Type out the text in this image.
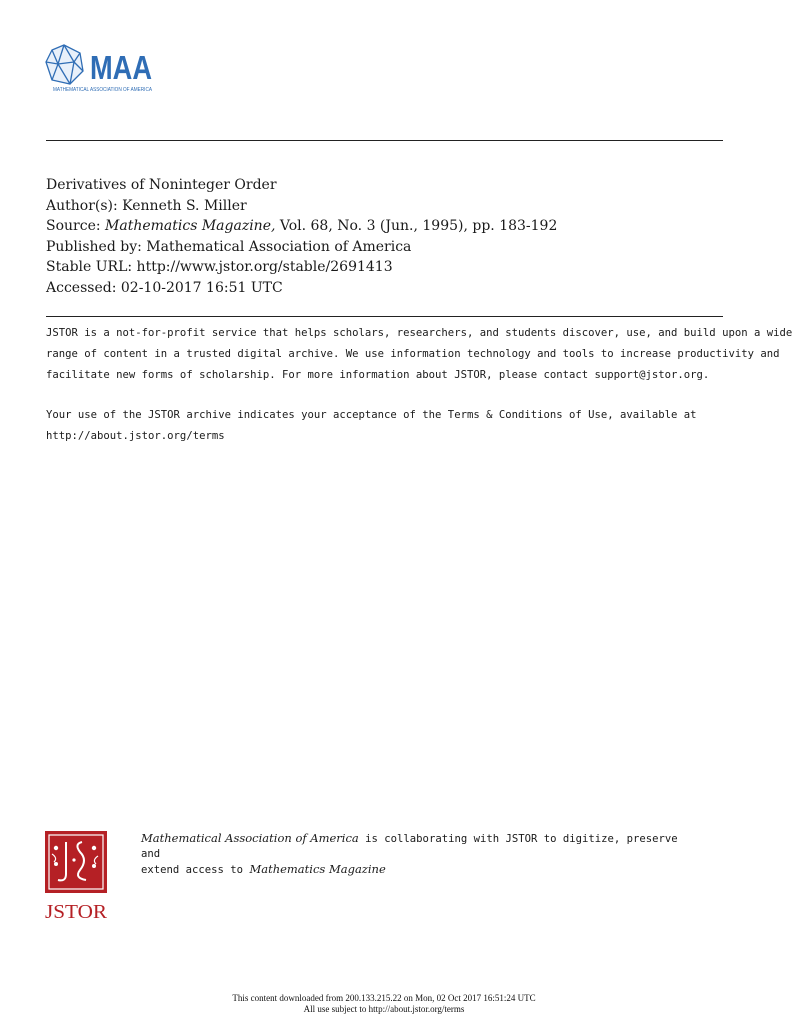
MAA
MATHEMATICAL ASSOCIATION OF AMERICA
Derivatives of Noninteger Order
Author(s): Kenneth S. Miller
Source: Mathematics Magazine, Vol. 68, No. 3 (Jun., 1995), pp. 183-192
Published by: Mathematical Association of America
Stable URL: http://www.jstor.org/stable/2691413
Accessed: 02-10-2017 16:51 UTC
JSTOR is a not-for-profit service that helps scholars, researchers, and students discover, use, and build upon a wide
range of content in a trusted digital archive. We use information technology and tools to increase productivity and
facilitate new forms of scholarship. For more information about JSTOR, please contact support@jstor.org.
Your use of the JSTOR archive indicates your acceptance of the Terms & Conditions of Use, available at
http://about.jstor.org/terms
JSTOR
Mathematical Association of America is collaborating with JSTOR to digitize, preserve and
extend access to Mathematics Magazine
This content downloaded from 200.133.215.22 on Mon, 02 Oct 2017 16:51:24 UTC
All use subject to http://about.jstor.org/terms
